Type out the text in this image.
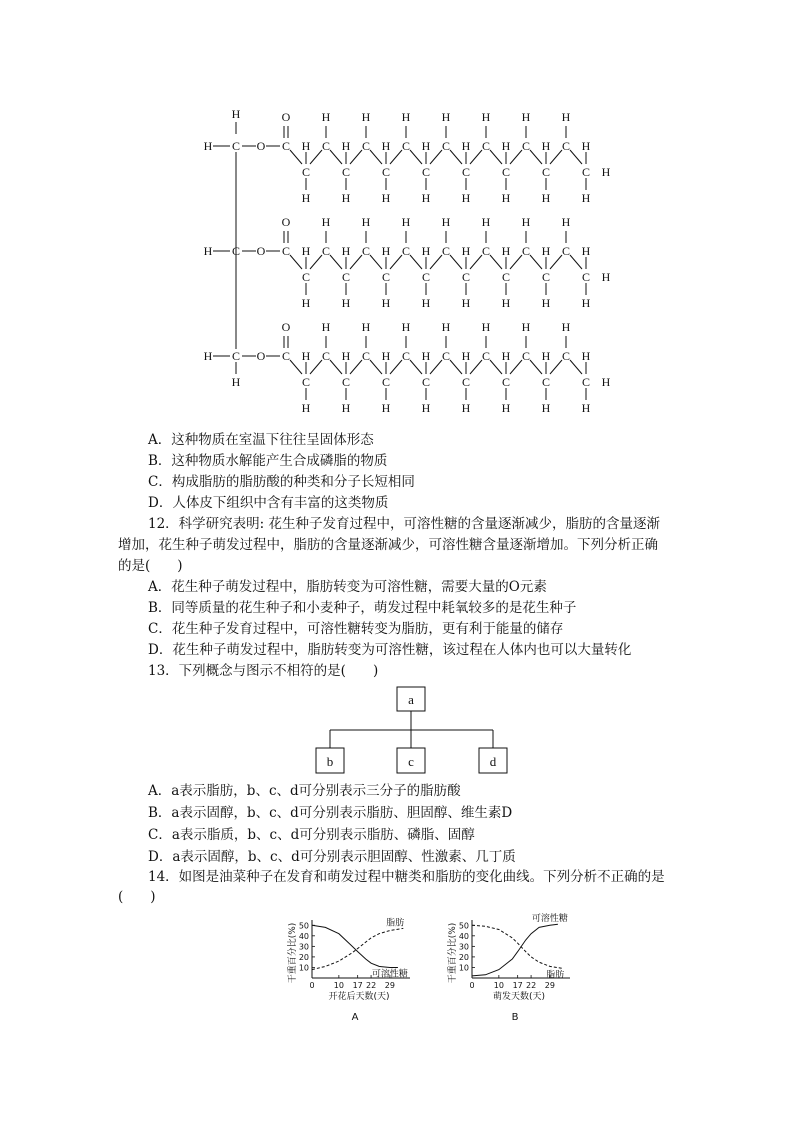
H
H C O C
O
C
H
C
H
C
H
C
H
C
H
C
H
C
H
C
H
C
H
C
H
C
H
C
H
C
H
C
H
C
H
H	H	H	H	H	H	H	H
H
H C O C
O
C
H
C
H
C
H
C
H
C
H
C
H
C
H
C
H
C
H
C
H
C
H
C
H
C
H
C
H
C
H
H	H	H	H	H	H	H	H
H
H
H C O C
O
C
H
C
H
C
H
C
H
C
H
C
H
C
H
C
H
C
H
C
H
C
H
C
H
C
H
C
H
C
H
H	H	H	H	H	H	H	H
H
A．这种物质在室温下往往呈固体形态
B．这种物质水解能产生合成磷脂的物质
C．构成脂肪的脂肪酸的种类和分子长短相同
D．人体皮下组织中含有丰富的这类物质
12．科学研究表明: 花生种子发育过程中，可溶性糖的含量逐渐减少，脂肪的含量逐渐
增加，花生种子萌发过程中，脂肪的含量逐渐减少，可溶性糖含量逐渐增加。下列分析正确
的是(　　)
A．花生种子萌发过程中，脂肪转变为可溶性糖，需要大量的O元素
B．同等质量的花生种子和小麦种子，萌发过程中耗氧较多的是花生种子
C．花生种子发育过程中，可溶性糖转变为脂肪，更有利于能量的储存
D．花生种子萌发过程中，脂肪转变为可溶性糖，该过程在人体内也可以大量转化
13．下列概念与图示不相符的是(　　)
a
b	c	d
A．a表示脂肪，b、c、d可分别表示三分子的脂肪酸
B．a表示固醇，b、c、d可分别表示脂肪、胆固醇、维生素D
C．a表示脂质，b、c、d可分别表示脂肪、磷脂、固醇
D．a表示固醇，b、c、d可分别表示胆固醇、性激素、几丁质
14．如图是油菜种子在发育和萌发过程中糖类和脂肪的变化曲线。下列分析不正确的是
(　　)
10
20
30
40
50
0 10 17 22 29
可溶性糖
脂肪
干重百分比(%)
开花后天数(天)
A
10
20
30
40
50
0 10 17 22 29
可溶性糖
脂肪
干重百分比(%)
萌发天数(天)
B
